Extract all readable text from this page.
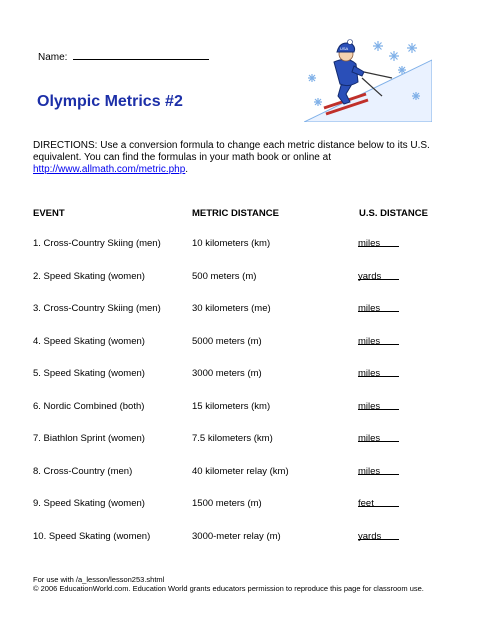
Name:
Olympic Metrics #2
USA
DIRECTIONS: Use a conversion formula to change each metric distance below to its U.S. equivalent. You can find the formulas in your math book or online at
http://www.allmath.com/metric.php.
EVENT	METRIC DISTANCE	U.S. DISTANCE
1. Cross-Country Skiing (men)	10 kilometers (km)	miles
2. Speed Skating (women)	500 meters (m)	yards
3. Cross-Country Skiing (men)	30 kilometers (me)	miles
4. Speed Skating (women)	5000 meters (m)	miles
5. Speed Skating (women)	3000 meters (m)	miles
6. Nordic Combined (both)	15 kilometers (km)	miles
7. Biathlon Sprint (women)	7.5 kilometers (km)	miles
8. Cross-Country (men)	40 kilometer relay (km)	miles
9. Speed Skating (women)	1500 meters (m)	feet
10. Speed Skating (women)	3000-meter relay (m)	yards
For use with /a_lesson/lesson253.shtml
© 2006 EducationWorld.com. Education World grants educators permission to reproduce this page for classroom use.
